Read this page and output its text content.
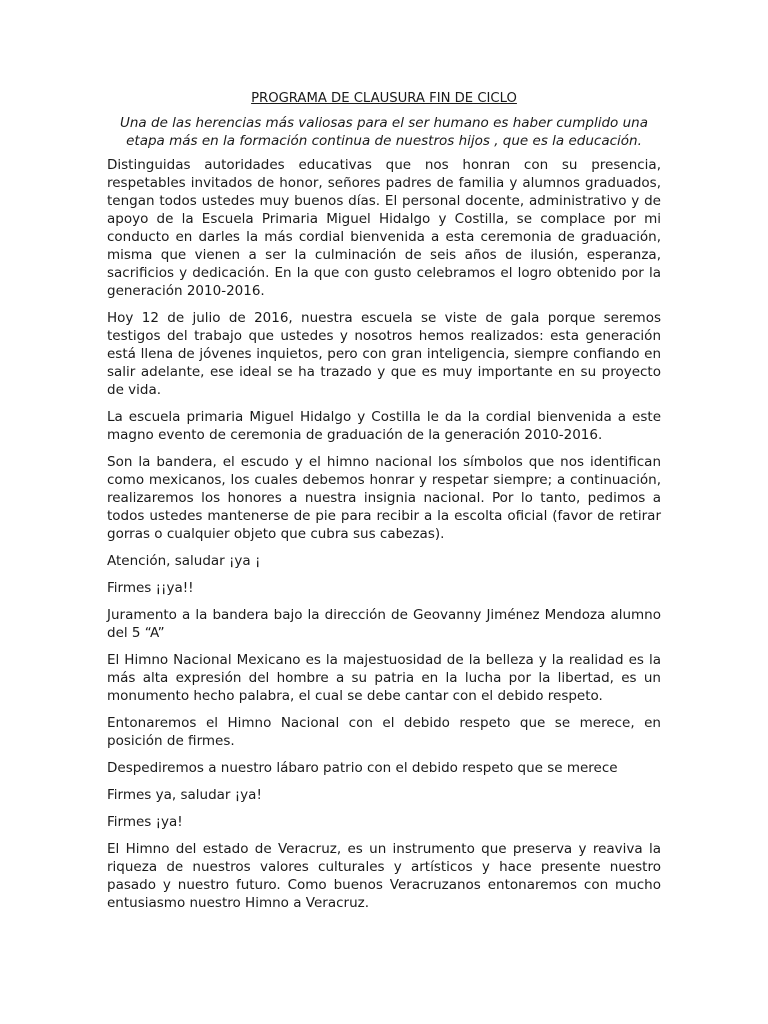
PROGRAMA DE CLAUSURA FIN DE CICLO
Una de las herencias más valiosas para el ser humano es haber cumplido una etapa más en la formación continua de nuestros hijos , que es la educación.

Distinguidas autoridades educativas que nos honran con su presencia, respetables invitados de honor, señores padres de familia y alumnos graduados, tengan todos ustedes muy buenos días. El personal docente, administrativo y de apoyo de la Escuela Primaria Miguel Hidalgo y Costilla, se complace por mi conducto en darles la más cordial bienvenida a esta ceremonia de graduación, misma que vienen a ser la culminación de seis años de ilusión, esperanza, sacrificios y dedicación. En la que con gusto celebramos el logro obtenido por la generación 2010-2016.

Hoy 12 de julio de 2016, nuestra escuela se viste de gala porque seremos testigos del trabajo que ustedes y nosotros hemos realizados: esta generación está llena de jóvenes inquietos, pero con gran inteligencia, siempre confiando en salir adelante, ese ideal se ha trazado y que es muy importante en su proyecto de vida.

La escuela primaria Miguel Hidalgo y Costilla le da la cordial bienvenida a este magno evento de ceremonia de graduación de la generación 2010-2016.

Son la bandera, el escudo y el himno nacional los símbolos que nos identifican como mexicanos, los cuales debemos honrar y respetar siempre; a continuación, realizaremos los honores a nuestra insignia nacional. Por lo tanto, pedimos a todos ustedes mantenerse de pie para recibir a la escolta oficial (favor de retirar gorras o cualquier objeto que cubra sus cabezas).

Atención, saludar ¡ya ¡

Firmes ¡¡ya!!

Juramento a la bandera bajo la dirección de Geovanny Jiménez Mendoza alumno del 5 “A”

El Himno Nacional Mexicano es la majestuosidad de la belleza y la realidad es la más alta expresión del hombre a su patria en la lucha por la libertad, es un monumento hecho palabra, el cual se debe cantar con el debido respeto.

Entonaremos el Himno Nacional con el debido respeto que se merece, en posición de firmes.

Despediremos a nuestro lábaro patrio con el debido respeto que se merece

Firmes ya, saludar ¡ya!

Firmes ¡ya!

El Himno del estado de Veracruz, es un instrumento que preserva y reaviva la riqueza de nuestros valores culturales y artísticos y hace presente nuestro pasado y nuestro futuro. Como buenos Veracruzanos entonaremos con mucho entusiasmo nuestro Himno a Veracruz.
